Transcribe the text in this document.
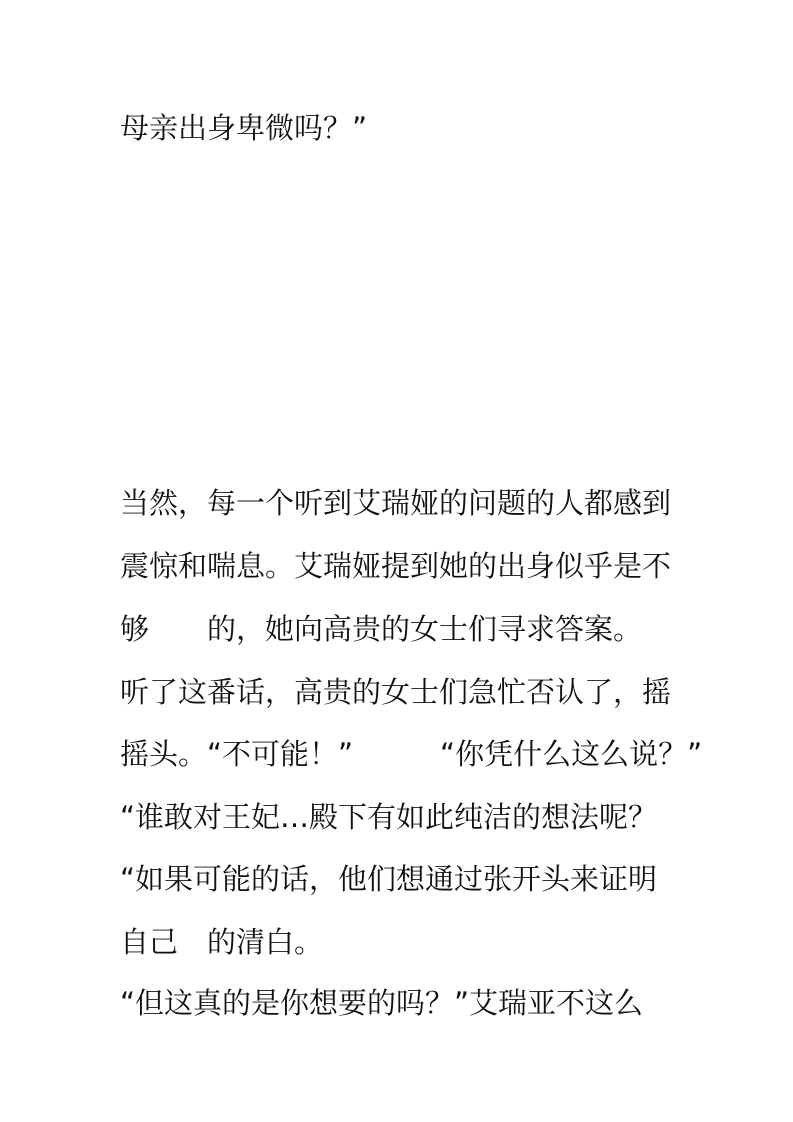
母亲出身卑微吗？”

当然，每一个听到艾瑞娅的问题的人都感到

震惊和喘息。艾瑞娅提到她的出身似乎是不

够　　的，她向高贵的女士们寻求答案。

听了这番话，高贵的女士们急忙否认了，摇

摇头。“不可能！”　　　“你凭什么这么说？”

“谁敢对王妃…殿下有如此纯洁的想法呢？

“如果可能的话，他们想通过张开头来证明

自己　的清白。

“但这真的是你想要的吗？”艾瑞亚不这么
